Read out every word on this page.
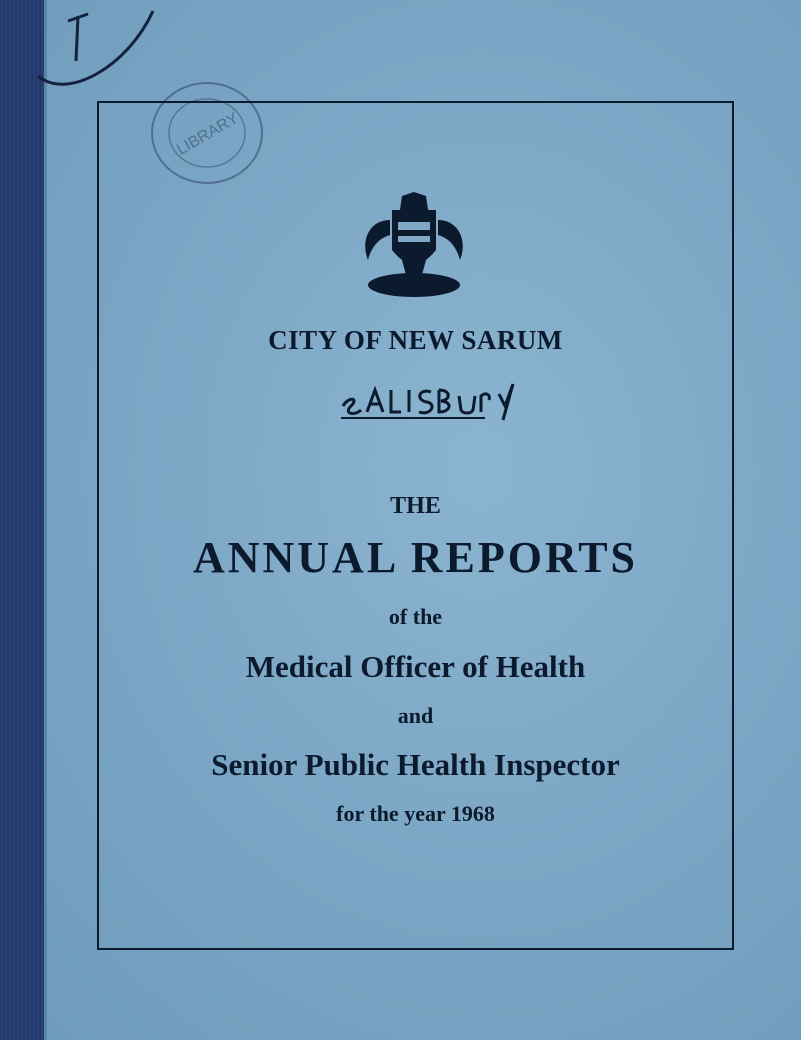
LIBRARY
CITY OF NEW SARUM
THE
ANNUAL REPORTS
of the
Medical Officer of Health
and
Senior Public Health Inspector
for the year 1968
